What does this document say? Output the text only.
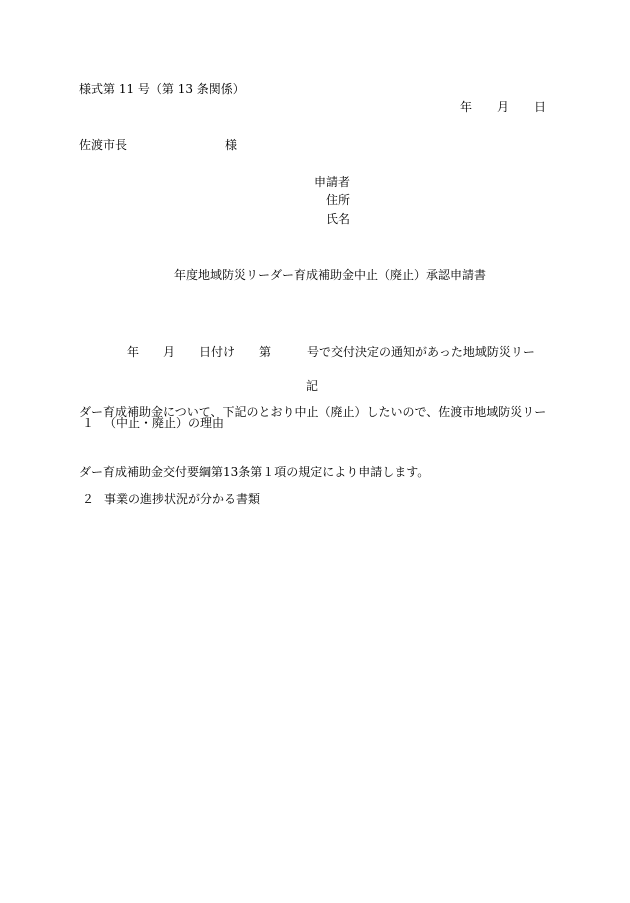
様式第 11 号（第 13 条関係）
年 月 日
佐渡市長	様
申請者
住所
氏名
年度地域防災リーダー育成補助金中止（廃止）承認申請書

　　　　年　　月　　日付け　　第　　　号で交付決定の通知があった地域防災リー

ダー育成補助金について、下記のとおり中止（廃止）したいので、佐渡市地域防災リー

ダー育成補助金交付要綱第13条第１項の規定により申請します。

記
１ （中止・廃止）の理由
２ 事業の進捗状況が分かる書類
